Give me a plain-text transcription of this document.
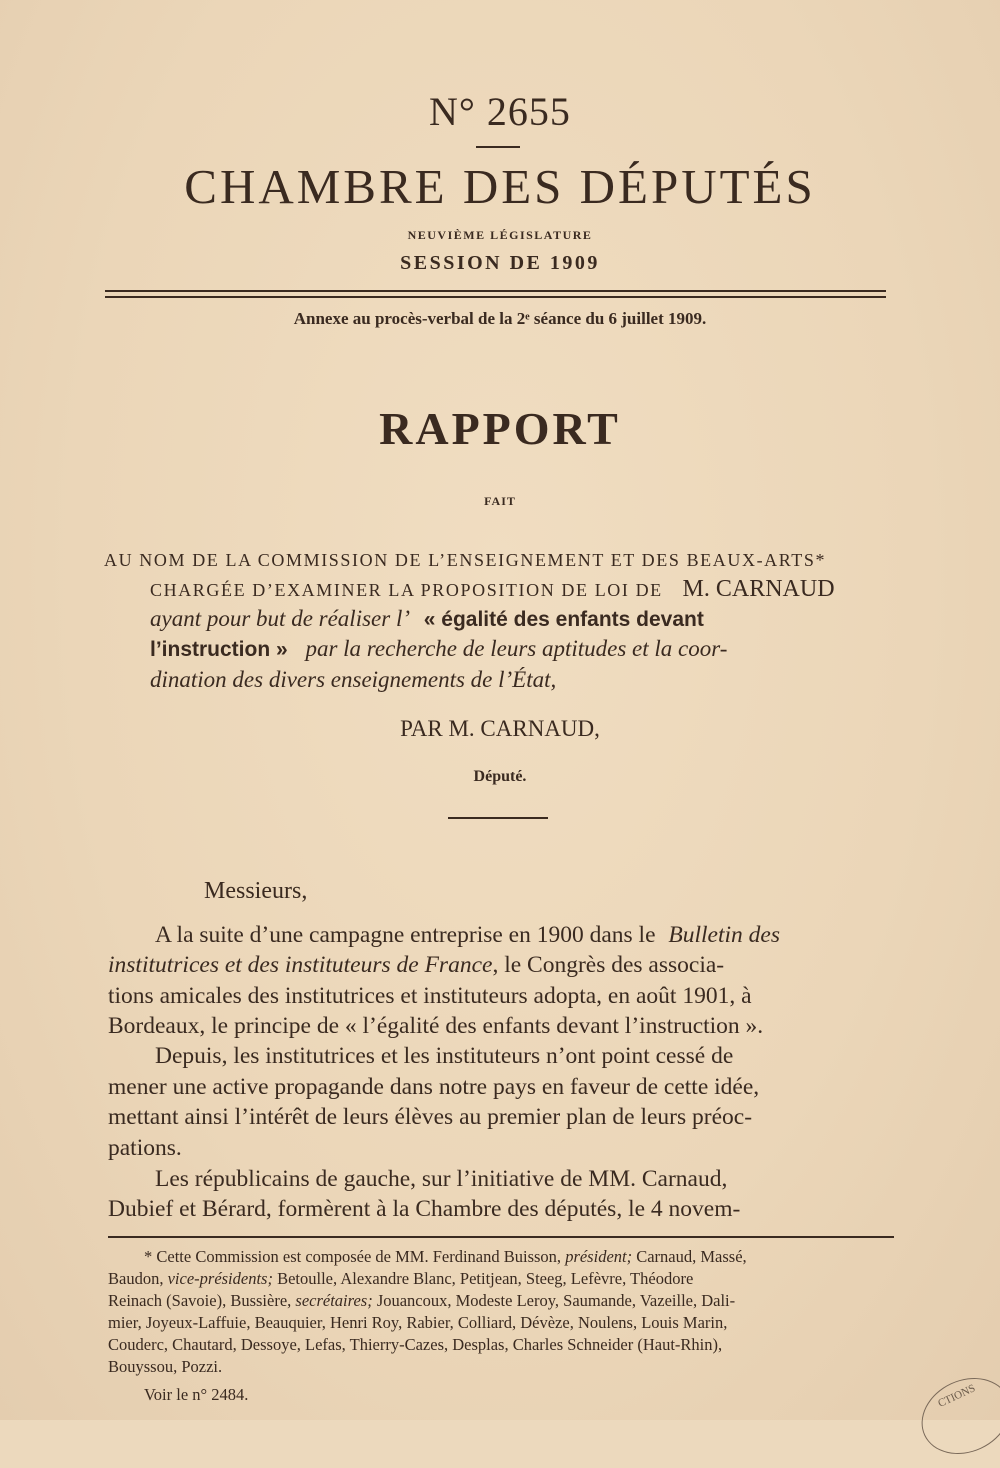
N° 2655
CHAMBRE DES DÉPUTÉS
NEUVIÈME LÉGISLATURE
SESSION DE 1909
Annexe au procès-verbal de la 2ᵉ séance du 6 juillet 1909.
RAPPORT
FAIT
AU NOM DE LA COMMISSION DE L’ENSEIGNEMENT ET DES BEAUX-ARTS*
CHARGÉE D’EXAMINER LA PROPOSITION DE LOI DE M. CARNAUD
ayant pour but de réaliser l’ « égalité des enfants devant
l’instruction » par la recherche de leurs aptitudes et la coor-
dination des divers enseignements de l’État,
PAR M. CARNAUD,
Député.
Messieurs,
A la suite d’une campagne entreprise en 1900 dans le Bulletin des
institutrices et des instituteurs de France, le Congrès des associa-
tions amicales des institutrices et instituteurs adopta, en août 1901, à
Bordeaux, le principe de « l’égalité des enfants devant l’instruction ».
Depuis, les institutrices et les instituteurs n’ont point cessé de
mener une active propagande dans notre pays en faveur de cette idée,
mettant ainsi l’intérêt de leurs élèves au premier plan de leurs préoc-
pations.
Les républicains de gauche, sur l’initiative de MM. Carnaud,
Dubief et Bérard, formèrent à la Chambre des députés, le 4 novem-
* Cette Commission est composée de MM. Ferdinand Buisson, président; Carnaud, Massé,
Baudon, vice-présidents; Betoulle, Alexandre Blanc, Petitjean, Steeg, Lefèvre, Théodore
Reinach (Savoie), Bussière, secrétaires; Jouancoux, Modeste Leroy, Saumande, Vazeille, Dali-
mier, Joyeux-Laffuie, Beauquier, Henri Roy, Rabier, Colliard, Dévèze, Noulens, Louis Marin,
Couderc, Chautard, Dessoye, Lefas, Thierry-Cazes, Desplas, Charles Schneider (Haut-Rhin),
Bouyssou, Pozzi.
Voir le n° 2484.	CTIONS
